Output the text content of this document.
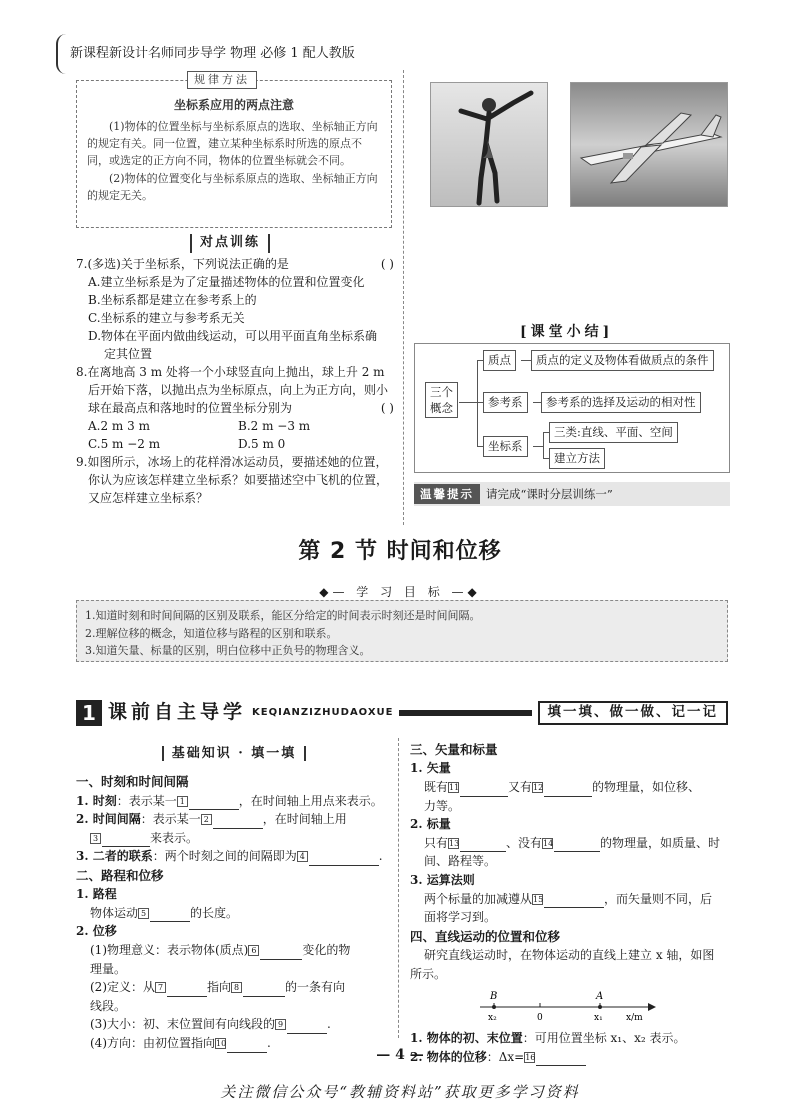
新课程新设计名师同步导学 物理 必修 1 配人教版
规律方法
坐标系应用的两点注意

(1)物体的位置坐标与坐标系原点的选取、坐标轴正方向的规定有关。同一位置，建立某种坐标系时所选的原点不同，或选定的正方向不同，物体的位置坐标就会不同。

(2)物体的位置变化与坐标系原点的选取、坐标轴正方向的规定无关。

对点训练
7.(多选)关于坐标系，下列说法正确的是	( )
A.建立坐标系是为了定量描述物体的位置和位置变化
B.坐标系都是建立在参考系上的
C.坐标系的建立与参考系无关
D.物体在平面内做曲线运动，可以用平面直角坐标系确
定其位置
8.在离地高 3 m 处将一个小球竖直向上抛出，球上升 2 m
后开始下落，以抛出点为坐标原点，向上为正方向，则小
球在最高点和落地时的位置坐标分别为	( )
A.2 m 3 m	B.2 m −3 m
C.5 m −2 m	D.5 m 0
9.如图所示，冰场上的花样滑冰运动员，要描述她的位置，
你认为应该怎样建立坐标系？如要描述空中飞机的位置，
又应怎样建立坐标系？
[课堂小结]
三个
概念
质点	质点的定义及物体看做质点的条件
参考系	参考系的选择及运动的相对性
坐标系
三类:直线、平面、空间
建立方法
温馨提示	请完成“课时分层训练一”
第 2 节 时间和位移
◆— 学 习 目 标 —◆
1.知道时刻和时间间隔的区别及联系，能区分给定的时间表示时刻还是时间间隔。
2.理解位移的概念，知道位移与路程的区别和联系。
3.知道矢量、标量的区别，明白位移中正负号的物理含义。
1 课前自主导学 KEQIANZIZHUDAOXUE	填一填、做一做、记一记
基础知识 · 填一填
一、时刻和时间间隔
1. 时刻：表示某一 1	，在时间轴上用点来表示。
2. 时间间隔：表示某一 2	，在时间轴上用
3	来表示。
3. 二者的联系：两个时刻之间的间隔即为 4	.
二、路程和位移
1. 路程
物体运动 5	的长度。
2. 位移
(1)物理意义：表示物体(质点) 6	变化的物
理量。
(2)定义：从 7	指向 8	的一条有向
线段。
(3)大小：初、末位置间有向线段的 9	.
(4)方向：由初位置指向10	.
三、矢量和标量
1. 矢量
既有11	又有12	的物理量，如位移、
力等。
2. 标量
只有13	、没有14	的物理量，如质量、时
间、路程等。
3. 运算法则
两个标量的加减遵从15	，而矢量则不同，后
面将学习到。
四、直线运动的位置和位移
研究直线运动时，在物体运动的直线上建立 x 轴，如图
所示。
B	A
x₂	0	x₁	x/m
1. 物体的初、末位置：可用位置坐标 x₁、x₂ 表示。
2. 物体的位移：Δx=16
— 4 —
关注微信公众号“教辅资料站”获取更多学习资料
